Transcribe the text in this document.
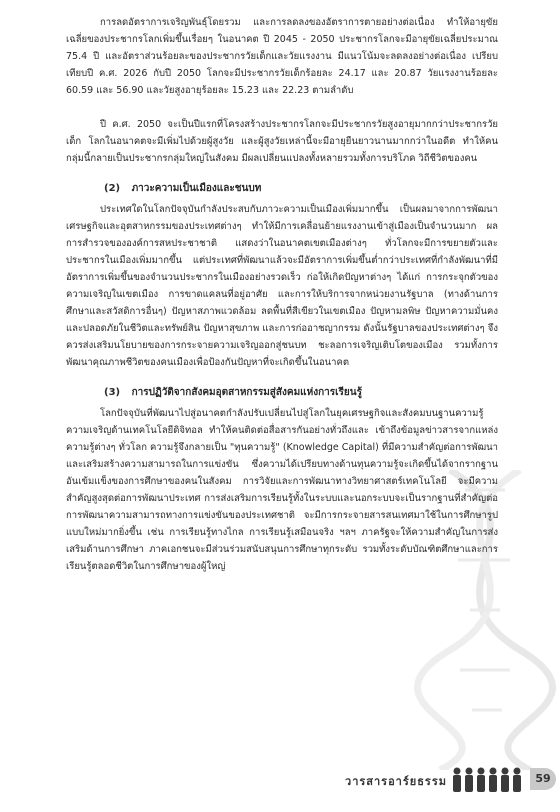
การลดอัตราการเจริญพันธุ์โดยรวม และการลดลงของอัตราการตายอย่างต่อเนื่อง ทำให้อายุขัยเฉลี่ยของประชากรโลกเพิ่มขึ้นเรื่อยๆ ในอนาคต ปี 2045 - 2050 ประชากรโลกจะมีอายุขัยเฉลี่ยประมาณ 75.4 ปี และอัตราส่วนร้อยละของประชากรวัยเด็กและวัยแรงงาน มีแนวโน้มจะลดลงอย่างต่อเนื่อง เปรียบเทียบปี ค.ศ. 2026 กับปี 2050 โลกจะมีประชากรวัยเด็กร้อยละ 24.17 และ 20.87 วัยแรงงานร้อยละ 60.59 และ 56.90 และวัยสูงอายุร้อยละ 15.23 และ 22.23 ตามลำดับ

ปี ค.ศ. 2050 จะเป็นปีแรกที่โครงสร้างประชากรโลกจะมีประชากรวัยสูงอายุมากกว่าประชากรวัยเด็ก โลกในอนาคตจะมีเพิ่มไปด้วยผู้สูงวัย และผู้สูงวัยเหล่านี้จะมีอายุยืนยาวนานมากกว่าในอดีต ทำให้คนกลุ่มนี้กลายเป็นประชากรกลุ่มใหญ่ในสังคม มีผลเปลี่ยนแปลงทั้งหลายรวมทั้งการบริโภค วิถีชีวิตของคน

(2) ภาวะความเป็นเมืองและชนบท

ประเทศใดในโลกปัจจุบันกำลังประสบกับภาวะความเป็นเมืองเพิ่มมากขึ้น เป็นผลมาจากการพัฒนาเศรษฐกิจและอุตสาหกรรมของประเทศต่างๆ ทำให้มีการเคลื่อนย้ายแรงงานเข้าสู่เมืองเป็นจำนวนมาก ผลการสำรวจขององค์การสหประชาชาติ แสดงว่าในอนาคตเขตเมืองต่างๆ ทั่วโลกจะมีการขยายตัวและประชากรในเมืองเพิ่มมากขึ้น แต่ประเทศที่พัฒนาแล้วจะมีอัตราการเพิ่มขึ้นต่ำกว่าประเทศที่กำลังพัฒนาที่มีอัตราการเพิ่มขึ้นของจำนวนประชากรในเมืองอย่างรวดเร็ว ก่อให้เกิดปัญหาต่างๆ ได้แก่ การกระจุกตัวของความเจริญในเขตเมือง การขาดแคลนที่อยู่อาศัย และการให้บริการจากหน่วยงานรัฐบาล (ทางด้านการศึกษาและสวัสดิการอื่นๆ) ปัญหาสภาพแวดล้อม ลดพื้นที่สีเขียวในเขตเมือง ปัญหามลพิษ ปัญหาความมั่นคงและปลอดภัยในชีวิตและทรัพย์สิน ปัญหาสุขภาพ และการก่ออาชญากรรม ดังนั้นรัฐบาลของประเทศต่างๆ จึงควรส่งเสริมนโยบายของการกระจายความเจริญออกสู่ชนบท ชะลอการเจริญเติบโตของเมือง รวมทั้งการพัฒนาคุณภาพชีวิตของคนเมืองเพื่อป้องกันปัญหาที่จะเกิดขึ้นในอนาคต

(3) การปฏิวัติจากสังคมอุตสาหกรรมสู่สังคมแห่งการเรียนรู้

โลกปัจจุบันที่พัฒนาไปสู่อนาคตกำลังปรับเปลี่ยนไปสู่โลกในยุคเศรษฐกิจและสังคมบนฐานความรู้ ความเจริญด้านเทคโนโลยีดิจิทอล ทำให้คนติดต่อสื่อสารกันอย่างทั่วถึงและ เข้าถึงข้อมูลข่าวสารจากแหล่งความรู้ต่างๆ ทั่วโลก ความรู้จึงกลายเป็น "ทุนความรู้" (Knowledge Capital) ที่มีความสำคัญต่อการพัฒนาและเสริมสร้างความสามารถในการแข่งขัน ซึ่งความได้เปรียบทางด้านทุนความรู้จะเกิดขึ้นได้จากรากฐานอันเข้มแข็งของการศึกษาของคนในสังคม การวิจัยและการพัฒนาทางวิทยาศาสตร์เทคโนโลยี จะมีความสำคัญสูงสุดต่อการพัฒนาประเทศ การส่งเสริมการเรียนรู้ทั้งในระบบและนอกระบบจะเป็นรากฐานที่สำคัญต่อการพัฒนาความสามารถทางการแข่งขันของประเทศชาติ จะมีการกระจายสารสนเทศมาใช้ในการศึกษารูปแบบใหม่มากยิ่งขึ้น เช่น การเรียนรู้ทางไกล การเรียนรู้เสมือนจริง ฯลฯ ภาครัฐจะให้ความสำคัญในการส่งเสริมด้านการศึกษา ภาคเอกชนจะมีส่วนร่วมสนับสนุนการศึกษาทุกระดับ รวมทั้งระดับบัณฑิตศึกษาและการเรียนรู้ตลอดชีวิตในการศึกษาของผู้ใหญ่

วารสารอาร์ยธรรม	59
